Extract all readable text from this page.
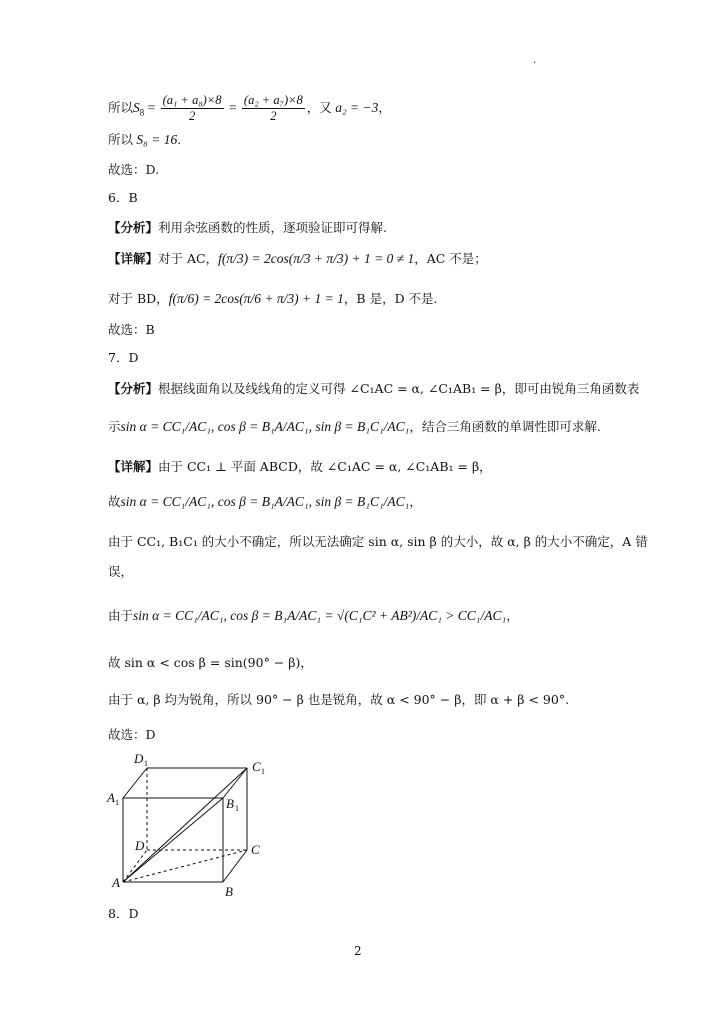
.
所以$S_8 = \frac{\text{(a₁ + a₈)×8}}{2} = \frac{\text{(a₂ + a₇)×8}}{2}$ ，又 a₂ = −3，
所以 S₈ = 16.
故选：D.
6．B
【分析】利用余弦函数的性质，逐项验证即可得解.
【详解】对于 AC，f(π/3) = 2cos(π/3 + π/3) + 1 = 0 ≠ 1，AC 不是；
对于 BD，f(π/6) = 2cos(π/6 + π/3) + 1 = 1，B 是，D 不是.
故选：B
7．D
【分析】根据线面角以及线线角的定义可得 ∠C₁AC = α, ∠C₁AB₁ = β，即可由锐角三角函数表
示sin α = CC₁/AC₁, cos β = B₁A/AC₁, sin β = B₁C₁/AC₁，结合三角函数的单调性即可求解.
【详解】由于 CC₁ ⊥ 平面 ABCD，故 ∠C₁AC = α, ∠C₁AB₁ = β，
故sin α = CC₁/AC₁, cos β = B₁A/AC₁, sin β = B₁C₁/AC₁，
由于 CC₁, B₁C₁ 的大小不确定，所以无法确定 sin α, sin β 的大小，故 α, β 的大小不确定，A 错
误，
由于sin α = CC₁/AC₁, cos β = B₁A/AC₁ = √(C₁C² + AB²)/AC₁ > CC₁/AC₁，
故 sin α < cos β = sin(90° − β)，
由于 α, β 均为锐角，所以 90° − β 也是锐角，故 α < 90° − β，即 α + β < 90°.
故选：D
D 1	C 1
A 1	B 1
D	C
A
B
8．D
2
